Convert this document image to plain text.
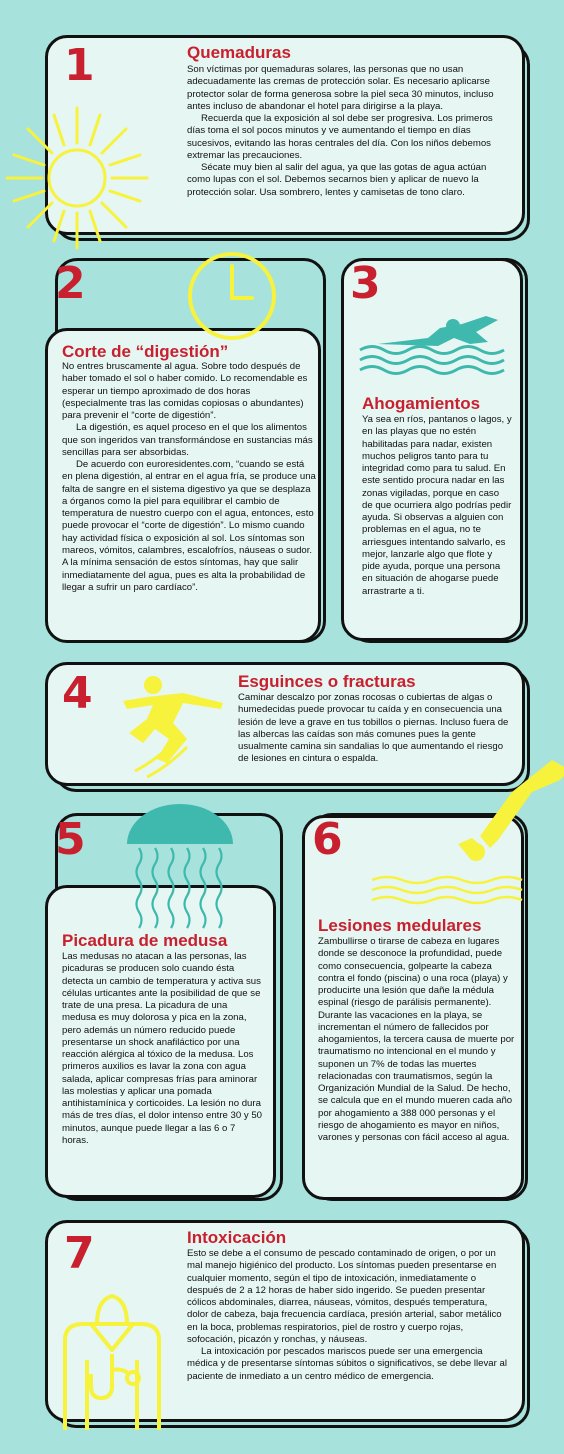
1	Quemaduras

Son víctimas por quemaduras solares, las personas que no usan adecuadamente las cremas de protección solar. Es necesario aplicarse protector solar de forma generosa sobre la piel seca 30 minutos, incluso antes incluso de abandonar el hotel para dirigirse a la playa.

Recuerda que la exposición al sol debe ser progresiva. Los primeros días toma el sol pocos minutos y ve aumentando el tiempo en días sucesivos, evitando las horas centrales del día. Con los niños debemos extremar las precauciones.

Sécate muy bien al salir del agua, ya que las gotas de agua actúan como lupas con el sol. Debemos secarnos bien y aplicar de nuevo la protección solar. Usa sombrero, lentes y camisetas de tono claro.

2
Corte de “digestión”

No entres bruscamente al agua. Sobre todo después de haber tomado el sol o haber comido. Lo recomendable es esperar un tiempo aproximado de dos horas (especialmente tras las comidas copiosas o abundantes) para prevenir el “corte de digestión”.

La digestión, es aquel proceso en el que los alimentos que son ingeridos van transformándose en sustancias más sencillas para ser absorbidas.

De acuerdo con euroresidentes.com, “cuando se está en plena digestión, al entrar en el agua fría, se produce una falta de sangre en el sistema digestivo ya que se desplaza a órganos como la piel para equilibrar el cambio de temperatura de nuestro cuerpo con el agua, entonces, esto puede provocar el “corte de digestión”. Lo mismo cuando hay actividad física o exposición al sol. Los síntomas son mareos, vómitos, calambres, escalofríos, náuseas o sudor. A la mínima sensación de estos síntomas, hay que salir inmediatamente del agua, pues es alta la probabilidad de llegar a sufrir un paro cardíaco”.

3
Ahogamientos

Ya sea en ríos, pantanos o lagos, y en las playas que no estén habilitadas para nadar, existen muchos peligros tanto para tu integridad como para tu salud. En este sentido procura nadar en las zonas vigiladas, porque en caso de que ocurriera algo podrías pedir ayuda. Si observas a alguien con problemas en el agua, no te arriesgues intentando salvarlo, es mejor, lanzarle algo que flote y pide ayuda, porque una persona en situación de ahogarse puede arrastrarte a ti.

4	Esguinces o fracturas

Caminar descalzo por zonas rocosas o cubiertas de algas o humedecidas puede provocar tu caída y en consecuencia una lesión de leve a grave en tus tobillos o piernas. Incluso fuera de las albercas las caídas son más comunes pues la gente usualmente camina sin sandalias lo que aumentando el riesgo de lesiones en cintura o espalda.

5
Picadura de medusa

Las medusas no atacan a las personas, las picaduras se producen solo cuando ésta detecta un cambio de temperatura y activa sus células urticantes ante la posibilidad de que se trate de una presa. La picadura de una medusa es muy dolorosa y pica en la zona, pero además un número reducido puede presentarse un shock anafiláctico por una reacción alérgica al tóxico de la medusa. Los primeros auxilios es lavar la zona con agua salada, aplicar compresas frías para aminorar las molestias y aplicar una pomada antihistamínica y corticoides. La lesión no dura más de tres días, el dolor intenso entre 30 y 50 minutos, aunque puede llegar a las 6 o 7 horas.

6
Lesiones medulares

Zambullirse o tirarse de cabeza en lugares donde se desconoce la profundidad, puede como consecuencia, golpearte la cabeza contra el fondo (piscina) o una roca (playa) y producirte una lesión que dañe la médula espinal (riesgo de parálisis permanente). Durante las vacaciones en la playa, se incrementan el número de fallecidos por ahogamientos, la tercera causa de muerte por traumatismo no intencional en el mundo y suponen un 7% de todas las muertes relacionadas con traumatismos, según la Organización Mundial de la Salud. De hecho, se calcula que en el mundo mueren cada año por ahogamiento a 388 000 personas y el riesgo de ahogamiento es mayor en niños, varones y personas con fácil acceso al agua.

7	Intoxicación

Esto se debe a el consumo de pescado contaminado de origen, o por un mal manejo higiénico del producto. Los síntomas pueden presentarse en cualquier momento, según el tipo de intoxicación, inmediatamente o después de 2 a 12 horas de haber sido ingerido. Se pueden presentar cólicos abdominales, diarrea, náuseas, vómitos, después temperatura, dolor de cabeza, baja frecuencia cardíaca, presión arterial, sabor metálico en la boca, problemas respiratorios, piel de rostro y cuerpo rojas, sofocación, picazón y ronchas, y náuseas.

La intoxicación por pescados mariscos puede ser una emergencia médica y de presentarse síntomas súbitos o significativos, se debe llevar al paciente de inmediato a un centro médico de emergencia.
